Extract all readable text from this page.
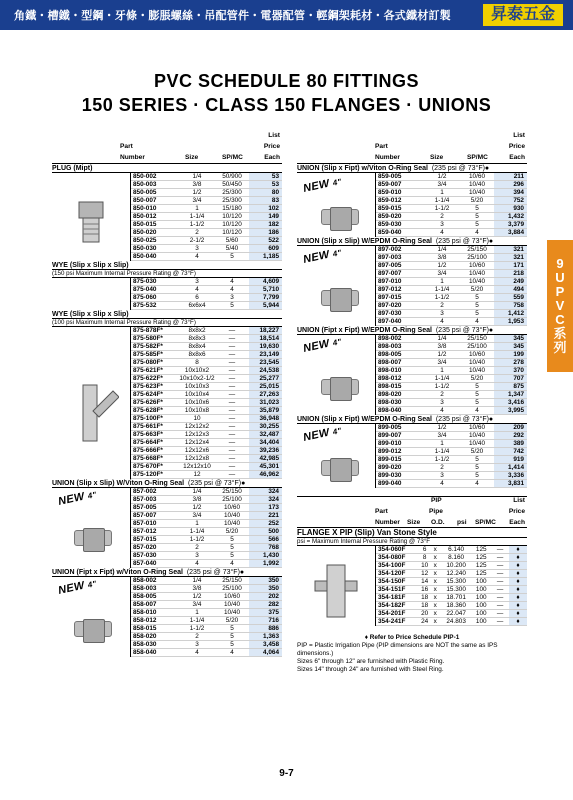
角鐵・槽鐵・型鋼・牙條・膨脹螺絲・吊配管件・電器配管・輕鋼架耗材・各式鐵材訂製	昇泰五金
PVC SCHEDULE 80 FITTINGS
150 SERIES · CLASS 150 FLANGES · UNIONS
9
U
P
V
C
系
列
List
Part	Price
Number	Size	SP/MC	Each
PLUG (Mipt)
850-002	1/4	50/900	53
850-003	3/8	50/450	53
850-005	1/2	25/300	80
850-007	3/4	25/300	83
850-010	1	15/180	102
850-012	1-1/4	10/120	149
850-015	1-1/2	10/120	182
850-020	2	10/120	186
850-025	2-1/2	5/60	522
850-030	3	5/40	609
850-040	4	5	1,185
WYE (Slip x Slip x Slip)
(150 psi Maximum Internal Pressure Rating @ 73°F)
875-030	3	4	4,609
875-040	4	4	5,710
875-060	6	3	7,799
875-532	6x6x4	5	5,944
WYE (Slip x Slip x Slip)
(100 psi Maximum Internal Pressure Rating @ 73°F)
875-878F*	8x8x2	—	18,227
875-580F*	8x8x3	—	18,514
875-582F*	8x8x4	—	19,630
875-585F*	8x8x6	—	23,149
875-080F*	8	—	23,545
875-621F*	10x10x2	—	24,538
875-622F*	10x10x2-1/2	—	25,277
875-623F*	10x10x3	—	25,015
875-624F*	10x10x4	—	27,263
875-626F*	10x10x6	—	31,023
875-628F*	10x10x8	—	35,879
875-100F*	10	—	36,948
875-661F*	12x12x2	—	30,255
875-663F*	12x12x3	—	32,487
875-664F*	12x12x4	—	34,404
875-666F*	12x12x6	—	39,236
875-668F*	12x12x8	—	42,985
875-670F*	12x12x10	—	45,301
875-120F*	12	—	46,962
UNION (Slip x Slip) W/Viton O-Ring Seal (235 psi @ 73°F)●
NEW 4"	857-002	1/4	25/150	324
857-003	3/8	25/100	324
857-005	1/2	10/60	173
857-007	3/4	10/40	221
857-010	1	10/40	252
857-012	1-1/4	5/20	500
857-015	1-1/2	5	566
857-020	2	5	768
857-030	3	5	1,430
857-040	4	4	1,992
UNION (Fipt x Fipt) w/Viton O-Ring Seal (235 psi @ 73°F)●
NEW 4"	858-002	1/4	25/150	350
858-003	3/8	25/100	350
858-005	1/2	10/60	202
858-007	3/4	10/40	282
858-010	1	10/40	375
858-012	1-1/4	5/20	716
858-015	1-1/2	5	886
858-020	2	5	1,363
858-030	3	5	3,458
858-040	4	4	4,064
List
Part	Price
Number	Size	SP/MC	Each
UNION (Slip x Fipt) w/Viton O-Ring Seal (235 psi @ 73°F)●
NEW 4"
859-005	1/2	10/60	211
859-007	3/4	10/40	296
859-010	1	10/40	394
859-012	1-1/4	5/20	752
859-015	1-1/2	5	930
859-020	2	5	1,432
859-030	3	5	3,379
859-040	4	4	3,884
UNION (Slip x Slip) W/EPDM O-Ring Seal (235 psi @ 73°F)●
NEW 4"	897-002	1/4	25/150	321
897-003	3/8	25/100	321
897-005	1/2	10/60	171
897-007	3/4	10/40	218
897-010	1	10/40	249
897-012	1-1/4	5/20	494
897-015	1-1/2	5	559
897-020	2	5	758
897-030	3	5	1,412
897-040	4	4	1,953
UNION (Fipt x Fipt) W/EPDM O-Ring Seal (235 psi @ 73°F)●
NEW 4"	898-002	1/4	25/150	345
898-003	3/8	25/100	345
898-005	1/2	10/60	199
898-007	3/4	10/40	278
898-010	1	10/40	370
898-012	1-1/4	5/20	707
898-015	1-1/2	5	875
898-020	2	5	1,347
898-030	3	5	3,416
898-040	4	4	3,995
UNION (Slip x Fipt) W/EPDM O-Ring Seal (235 psi @ 73°F)●
NEW 4"	899-005	1/2	10/60	209
899-007	3/4	10/40	292
899-010	1	10/40	389
899-012	1-1/4	5/20	742
899-015	1-1/2	5	919
899-020	2	5	1,414
899-030	3	5	3,336
899-040	4	4	3,831
List
PIP
Part	Pipe	Price
Number Size O.D. psi SP/MC Each
FLANGE X PIP (Slip) Van Stone Style
psi = Maximum Internal Pressure Rating @ 73°F
354-060F	6	x	6.140	125	—	♦
354-080F	8	x	8.160	125	—	♦
354-100F	10 x	10.200	125	—	♦
354-120F	12 x	12.240	125	—	♦
354-150F	14 x	15.300	100	—	♦
354-151F	16 x	15.300	100	—	♦
354-181F	18 x	18.701	100	—	♦
354-182F	18 x	18.360	100	—	♦
354-201F	20 x	22.047	100	—	♦
354-241F	24 x	24.803	100	—	♦
♦ Refer to Price Schedule PIP-1
PIP = Plastic Irrigation Pipe (PIP dimensions are NOT the same as IPS dimensions.)
Sizes 6" through 12" are furnished with Plastic Ring.
Sizes 14" through 24" are furnished with Steel Ring.
9-7
